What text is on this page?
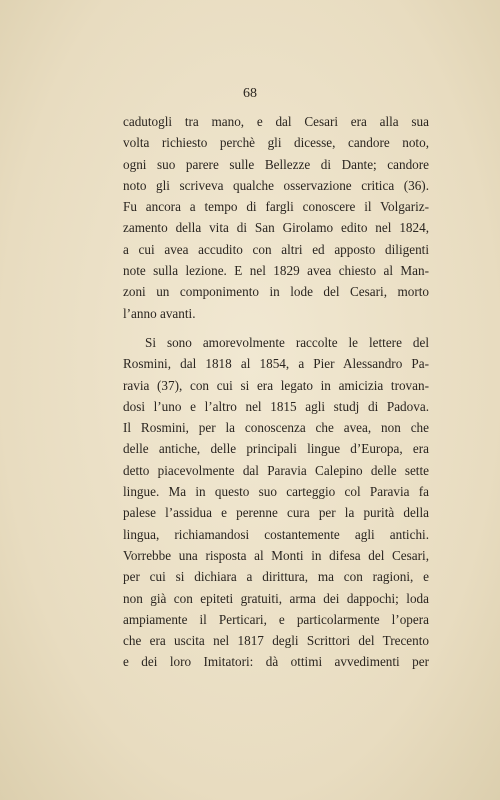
68

cadutogli tra mano, e dal Cesari era alla sua
volta richiesto perchè gli dicesse, candore noto,
ogni suo parere sulle Bellezze di Dante; candore
noto gli scriveva qualche osservazione critica (36).
Fu ancora a tempo di fargli conoscere il Volgariz-
zamento della vita di San Girolamo edito nel 1824,
a cui avea accudito con altri ed apposto diligenti
note sulla lezione. E nel 1829 avea chiesto al Man-
zoni un componimento in lode del Cesari, morto
l’anno avanti.

Si sono amorevolmente raccolte le lettere del
Rosmini, dal 1818 al 1854, a Pier Alessandro Pa-
ravia (37), con cui si era legato in amicizia trovan-
dosi l’uno e l’altro nel 1815 agli studj di Padova.
Il Rosmini, per la conoscenza che avea, non che
delle antiche, delle principali lingue d’Europa, era
detto piacevolmente dal Paravia Calepino delle sette
lingue. Ma in questo suo carteggio col Paravia fa
palese l’assidua e perenne cura per la purità della
lingua, richiamandosi costantemente agli antichi.
Vorrebbe una risposta al Monti in difesa del Cesari,
per cui si dichiara a dirittura, ma con ragioni, e
non già con epiteti gratuiti, arma dei dappochi; loda
ampiamente il Perticari, e particolarmente l’opera
che era uscita nel 1817 degli Scrittori del Trecento
e dei loro Imitatori: dà ottimi avvedimenti per
